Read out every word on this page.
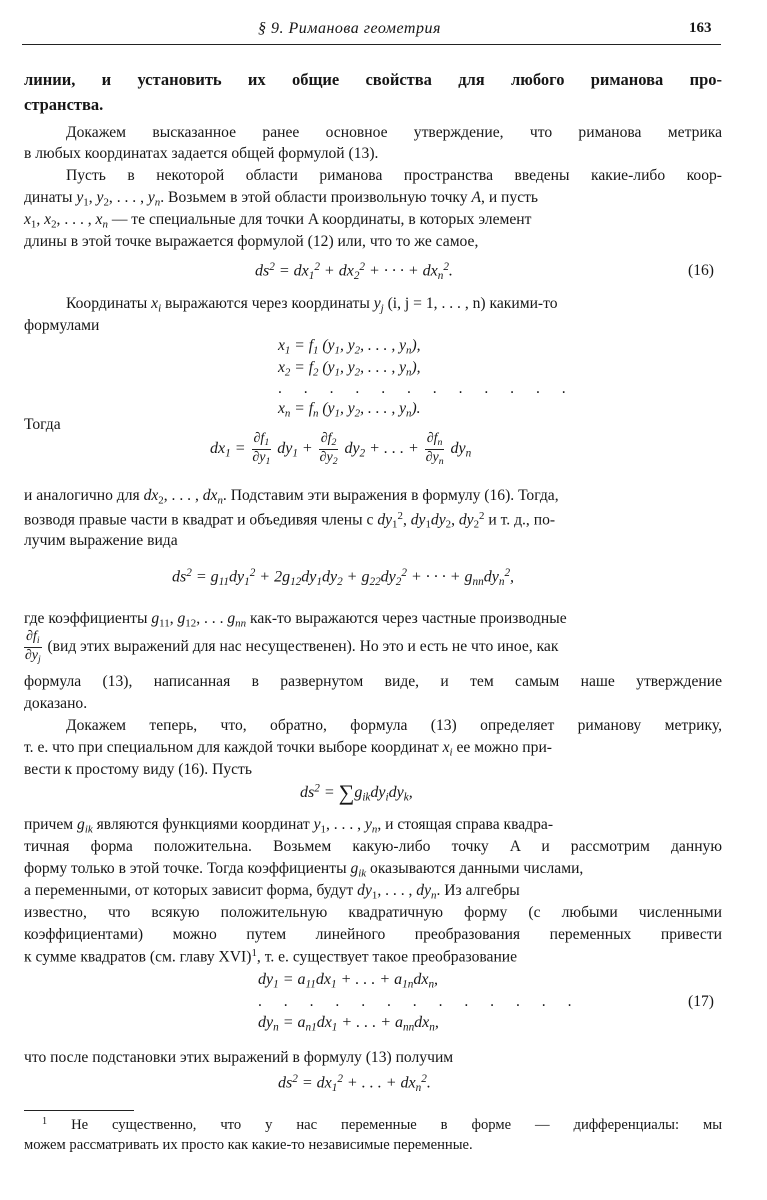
§ 9. Риманова геометрия	163
линии, и установить их общие свойства для любого риманова про-
странства.
Докажем высказанное ранее основное утверждение, что риманова метрика
в любых координатах задается общей формулой (13).
Пусть в некоторой области риманова пространства введены какие-либо коор-
динаты $y_1$, $y_2$, . . . , $y_n$. Возьмем в этой области произвольную точку A, и пусть
$x_1$, $x_2$, . . . , $x_n$ — те специальные для точки A координаты, в которых элемент
длины в этой точке выражается формулой (12) или, что то же самое,
$ds^2 = dx_1^2 + dx_2^2$ + · · · + $dx_n^2$.	(16)
Координаты $x_i$ выражаются через координаты $y_j$ (i, j = 1, . . . , n) какими-то
формулами
$x_1 = f_1$ ($y_1$, $y_2$, . . . , $y_n$),
$x_2 = f_2$ ($y_1$, $y_2$, . . . , $y_n$),
. . . . . . . . . . . .
$x_n = f_n$ ($y_1$, $y_2$, . . . , $y_n$).
Тогда
$dx_1 = \frac{\partial f_1}{\partial y_1} dy_1 + \frac{\partial f_2}{\partial y_2} dy_2$ + . . . + $\frac{\partial f_n}{\partial y_n} dy_n$
и аналогично для $dx_2$, . . . , $dx_n$. Подставим эти выражения в формулу (16). Тогда,
возводя правые части в квадрат и объедивяя члены с $dy_1^2$, $dy_1dy_2$, $dy_2^2$ и т. д., по-
лучим выражение вида
$ds^2 = g_{11}dy_1^2 + 2g_{12}dy_1dy_2 + g_{22}dy_2^2$ + · · · + $g_{nn}dy_n^2$,
где коэффициенты $g_{11}$, $g_{12}$, . . . $g_{nn}$ как-то выражаются через частные производные
$\frac{\partial f_i}{\partial y_j} (вид$ этих выражений для нас несущественен). Но это и есть не что иное, как
формула (13), написанная в развернутом виде, и тем самым наше утверждение
доказано.
Докажем теперь, что, обратно, формула (13) определяет риманову метрику,
т. е. что при специальном для каждой точки выборе координат $x_i$ ее можно при-
вести к простому виду (16). Пусть
$ds^2 = \sum g_{ik}dy_idy_k$,
причем $g_{ik}$ являются функциями координат $y_1$, . . . , $y_n$, и стоящая справа квадра-
тичная форма положительна. Возьмем какую-либо точку A и рассмотрим данную
форму только в этой точке. Тогда коэффициенты $g_{ik}$ оказываются данными числами,
а переменными, от которых зависит форма, будут $dy_1$, . . . , $dy_n$. Из алгебры
известно, что всякую положительную квадратичную форму (с любыми численными
коэффициентами) можно путем линейного преобразования переменных привести
к сумме квадратов (см. главу XVI)$^1$, т. е. существует такое преобразование
$dy_1 = a_{11}dx_1$ + . . . + $a_{1n}dx_n$,
. . . . . . . . . . . . .
$dy_n = a_{n1}dx_1$ + . . . + $a_{nn}dx_n$,
(17)
что после подстановки этих выражений в формулу (13) получим
$ds^2 = dx_1^2$ + . . . + $dx_n^2$.
$^1$ Не существенно, что у нас переменные в форме — дифференциалы: мы
можем рассматривать их просто как какие-то независимые переменные.
